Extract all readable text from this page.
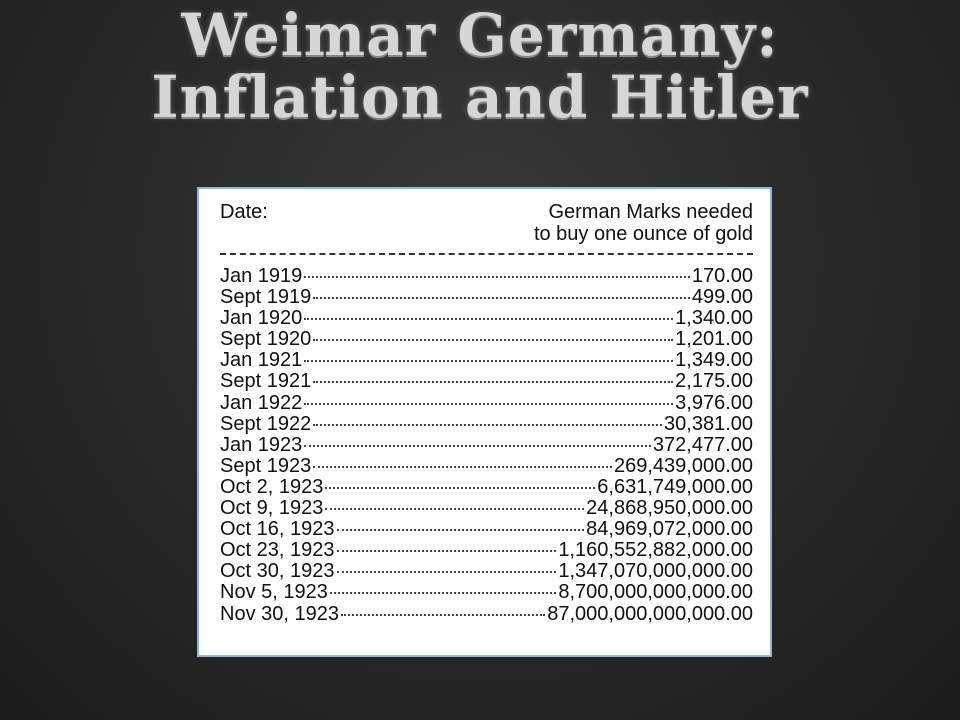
Weimar Germany:
Inflation and Hitler
Date:	German Marks needed
to buy one ounce of gold
Jan 1919	170.00
Sept 1919	499.00
Jan 1920	1,340.00
Sept 1920	1,201.00
Jan 1921	1,349.00
Sept 1921	2,175.00
Jan 1922	3,976.00
Sept 1922	30,381.00
Jan 1923	372,477.00
Sept 1923	269,439,000.00
Oct 2, 1923	6,631,749,000.00
Oct 9, 1923	24,868,950,000.00
Oct 16, 1923	84,969,072,000.00
Oct 23, 1923	1,160,552,882,000.00
Oct 30, 1923	1,347,070,000,000.00
Nov 5, 1923	8,700,000,000,000.00
Nov 30, 1923	87,000,000,000,000.00
